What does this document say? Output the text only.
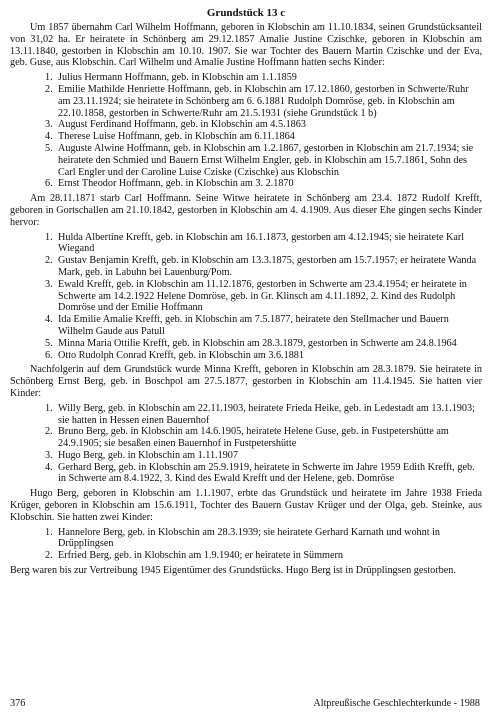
Grundstück 13 c

Um 1857 übernahm Carl Wilhelm Hoffmann, geboren in Klobschin am 11.10.1834, seinen Grundstücksanteil von 31,02 ha. Er heiratete in Schönberg am 29.12.1857 Amalie Justine Czischke, geboren in Klobschin am 13.11.1840, gestorben in Klobschin am 10.10. 1907. Sie war Tochter des Bauern Martin Czischke und der Eva, geb. Guse, aus Klobschin. Carl Wilhelm und Amalie Justine Hoffmann hatten sechs Kinder:

1. Julius Hermann Hoffmann, geb. in Klobschin am 1.1.1859
2. Emilie Mathilde Henriette Hoffmann, geb. in Klobschin am 17.12.1860, gestorben in Schwerte/Ruhr am 23.11.1924; sie heiratete in Schönberg am 6. 6.1881 Rudolph Domröse, geb. in Klobschin am 22.10.1858, gestorben in Schwerte/Ruhr am 21.5.1931 (siehe Grundstück 1 b)
3. August Ferdinand Hoffmann, geb. in Klobschin am 4.5.1863
4. Therese Luise Hoffmann, geb. in Klobschin am 6.11.1864
5. Auguste Alwine Hoffmann, geb. in Klobschin am 1.2.1867, gestorben in Klobschin am 21.7.1934; sie heiratete den Schmied und Bauern Ernst Wilhelm Engler, geb. in Klobschin am 15.7.1861, Sohn des Carl Engler und der Caroline Luise Cziske (Czischke) aus Klobschin
6. Ernst Theodor Hoffmann, geb. in Klobschin am 3. 2.1870

Am 28.11.1871 starb Carl Hoffmann. Seine Witwe heiratete in Schönberg am 23.4. 1872 Rudolf Krefft, geboren in Gortschallen am 21.10.1842, gestorben in Klobschin am 4. 4.1909. Aus dieser Ehe gingen sechs Kinder hervor:

1. Hulda Albertine Krefft, geb. in Klobschin am 16.1.1873, gestorben am 4.12.1945; sie heiratete Karl Wiegand
2. Gustav Benjamin Krefft, geb. in Klobschin am 13.3.1875, gestorben am 15.7.1957; er heiratete Wanda Mark, geb. in Labuhn bei Lauenburg/Pom.
3. Ewald Krefft, geb. in Klobschin am 11.12.1876, gestorben in Schwerte am 23.4.1954; er heiratete in Schwerte am 14.2.1922 Helene Domröse, geb. in Gr. Klinsch am 4.11.1892, 2. Kind des Rudolph Domröse und der Emilie Hoffmann
4. Ida Emilie Amalie Krefft, geb. in Klobschin am 7.5.1877, heiratete den Stellmacher und Bauern Wilhelm Gaude aus Patull
5. Minna Maria Ottilie Krefft, geb. in Klobschin am 28.3.1879, gestorben in Schwerte am 24.8.1964
6. Otto Rudolph Conrad Krefft, geb. in Klobschin am 3.6.1881

Nachfolgerin auf dem Grundstück wurde Minna Krefft, geboren in Klobschin am 28.3.1879. Sie heiratete in Schönberg Ernst Berg, geb. in Boschpol am 27.5.1877, gestorben in Klobschin am 11.4.1945. Sie hatten vier Kinder:

1. Willy Berg, geb. in Klobschin am 22.11.1903, heiratete Frieda Heike, geb. in Ledestadt am 13.1.1903; sie hatten in Hessen einen Bauernhof
2. Bruno Berg, geb. in Klobschin am 14.6.1905, heiratete Helene Guse, geb. in Fustpetershütte am 24.9.1905; sie besaßen einen Bauernhof in Fustpetershütte
3. Hugo Berg, geb. in Klobschin am 1.11.1907
4. Gerhard Berg, geb. in Klobschin am 25.9.1919, heiratete in Schwerte im Jahre 1959 Edith Krefft, geb. in Schwerte am 8.4.1922, 3. Kind des Ewald Krefft und der Helene, geb. Domröse

Hugo Berg, geboren in Klobschin am 1.1.1907, erbte das Grundstück und heiratete im Jahre 1938 Frieda Krüger, geboren in Klobschin am 15.6.1911, Tochter des Bauern Gustav Krüger und der Olga, geb. Steinke, aus Klobschin. Sie hatten zwei Kinder:

1. Hannelore Berg, geb. in Klobschin am 28.3.1939; sie heiratete Gerhard Karnath und wohnt in Drüpplingsen
2. Erfried Berg, geb. in Klobschin am 1.9.1940; er heiratete in Sümmern

Berg waren bis zur Vertreibung 1945 Eigentümer des Grundstücks. Hugo Berg ist in Drüpplingsen gestorben.

376	Altpreußische Geschlechterkunde - 1988
